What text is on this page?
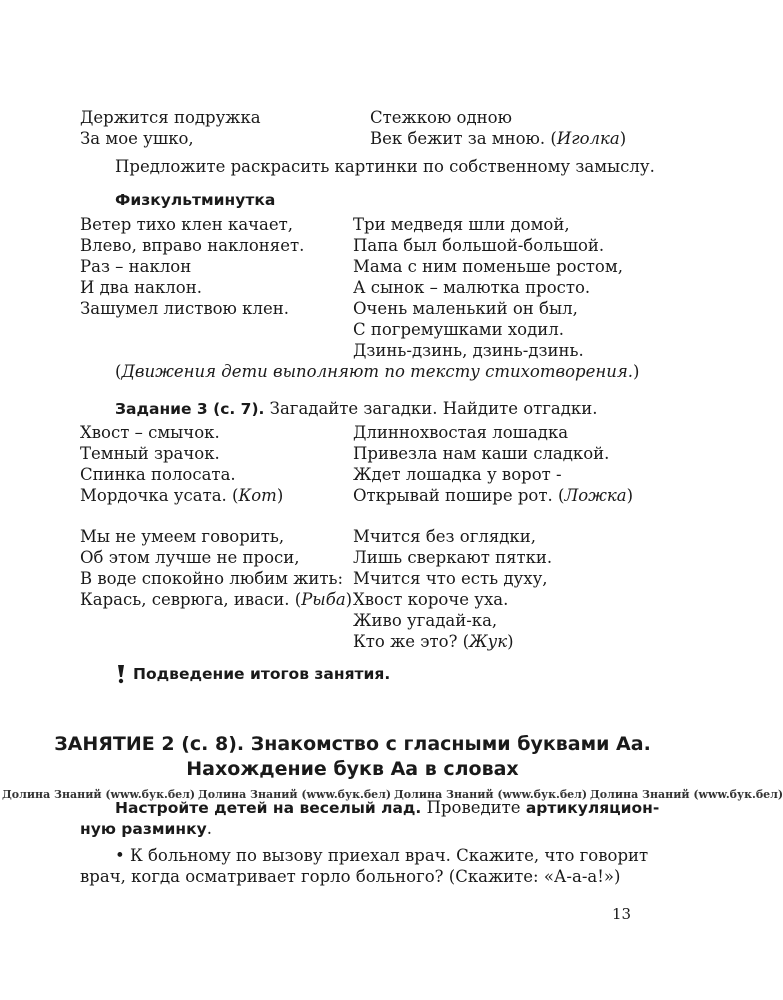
Держится подружка
За мое ушко,
Стежкою одною
Век бежит за мною. (Иголка)
Предложите раскрасить картинки по собственному замыслу.
Физкультминутка
Ветер тихо клен качает,
Влево, вправо наклоняет.
Раз – наклон
И два наклон.
Зашумел листвою клен.
Три медведя шли домой,
Папа был большой-большой.
Мама с ним поменьше ростом,
А сынок – малютка просто.
Очень маленький он был,
С погремушками ходил.
Дзинь-дзинь, дзинь-дзинь.
(Движения дети выполняют по тексту стихотворения.)
Задание 3 (с. 7). Загадайте загадки. Найдите отгадки.
Хвост – смычок.
Темный зрачок.
Спинка полосата.
Мордочка усата. (Кот)
Длиннохвостая лошадка
Привезла нам каши сладкой.
Ждет лошадка у ворот -
Открывай пошире рот. (Ложка)
Мы не умеем говорить,
Об этом лучше не проси,
В воде спокойно любим жить:
Карась, севрюга, иваси. (Рыба)
Мчится без оглядки,
Лишь сверкают пятки.
Мчится что есть духу,
Хвост короче уха.
Живо угадай-ка,
Кто же это? (Жук)
Подведение итогов занятия.
ЗАНЯТИЕ 2 (с. 8). Знакомство с гласными буквами Аа.
Нахождение букв Аа в словах
Долина Знаний (www.бук.бел) Долина Знаний (www.бук.бел) Долина Знаний (www.бук.бел) Долина Знаний (www.бук.бел)
Настройте детей на веселый лад. Проведите артикуляцион-
ную разминку.
• К больному по вызову приехал врач. Скажите, что говорит
врач, когда осматривает горло больного? (Скажите: «А-а-а!»)
13
